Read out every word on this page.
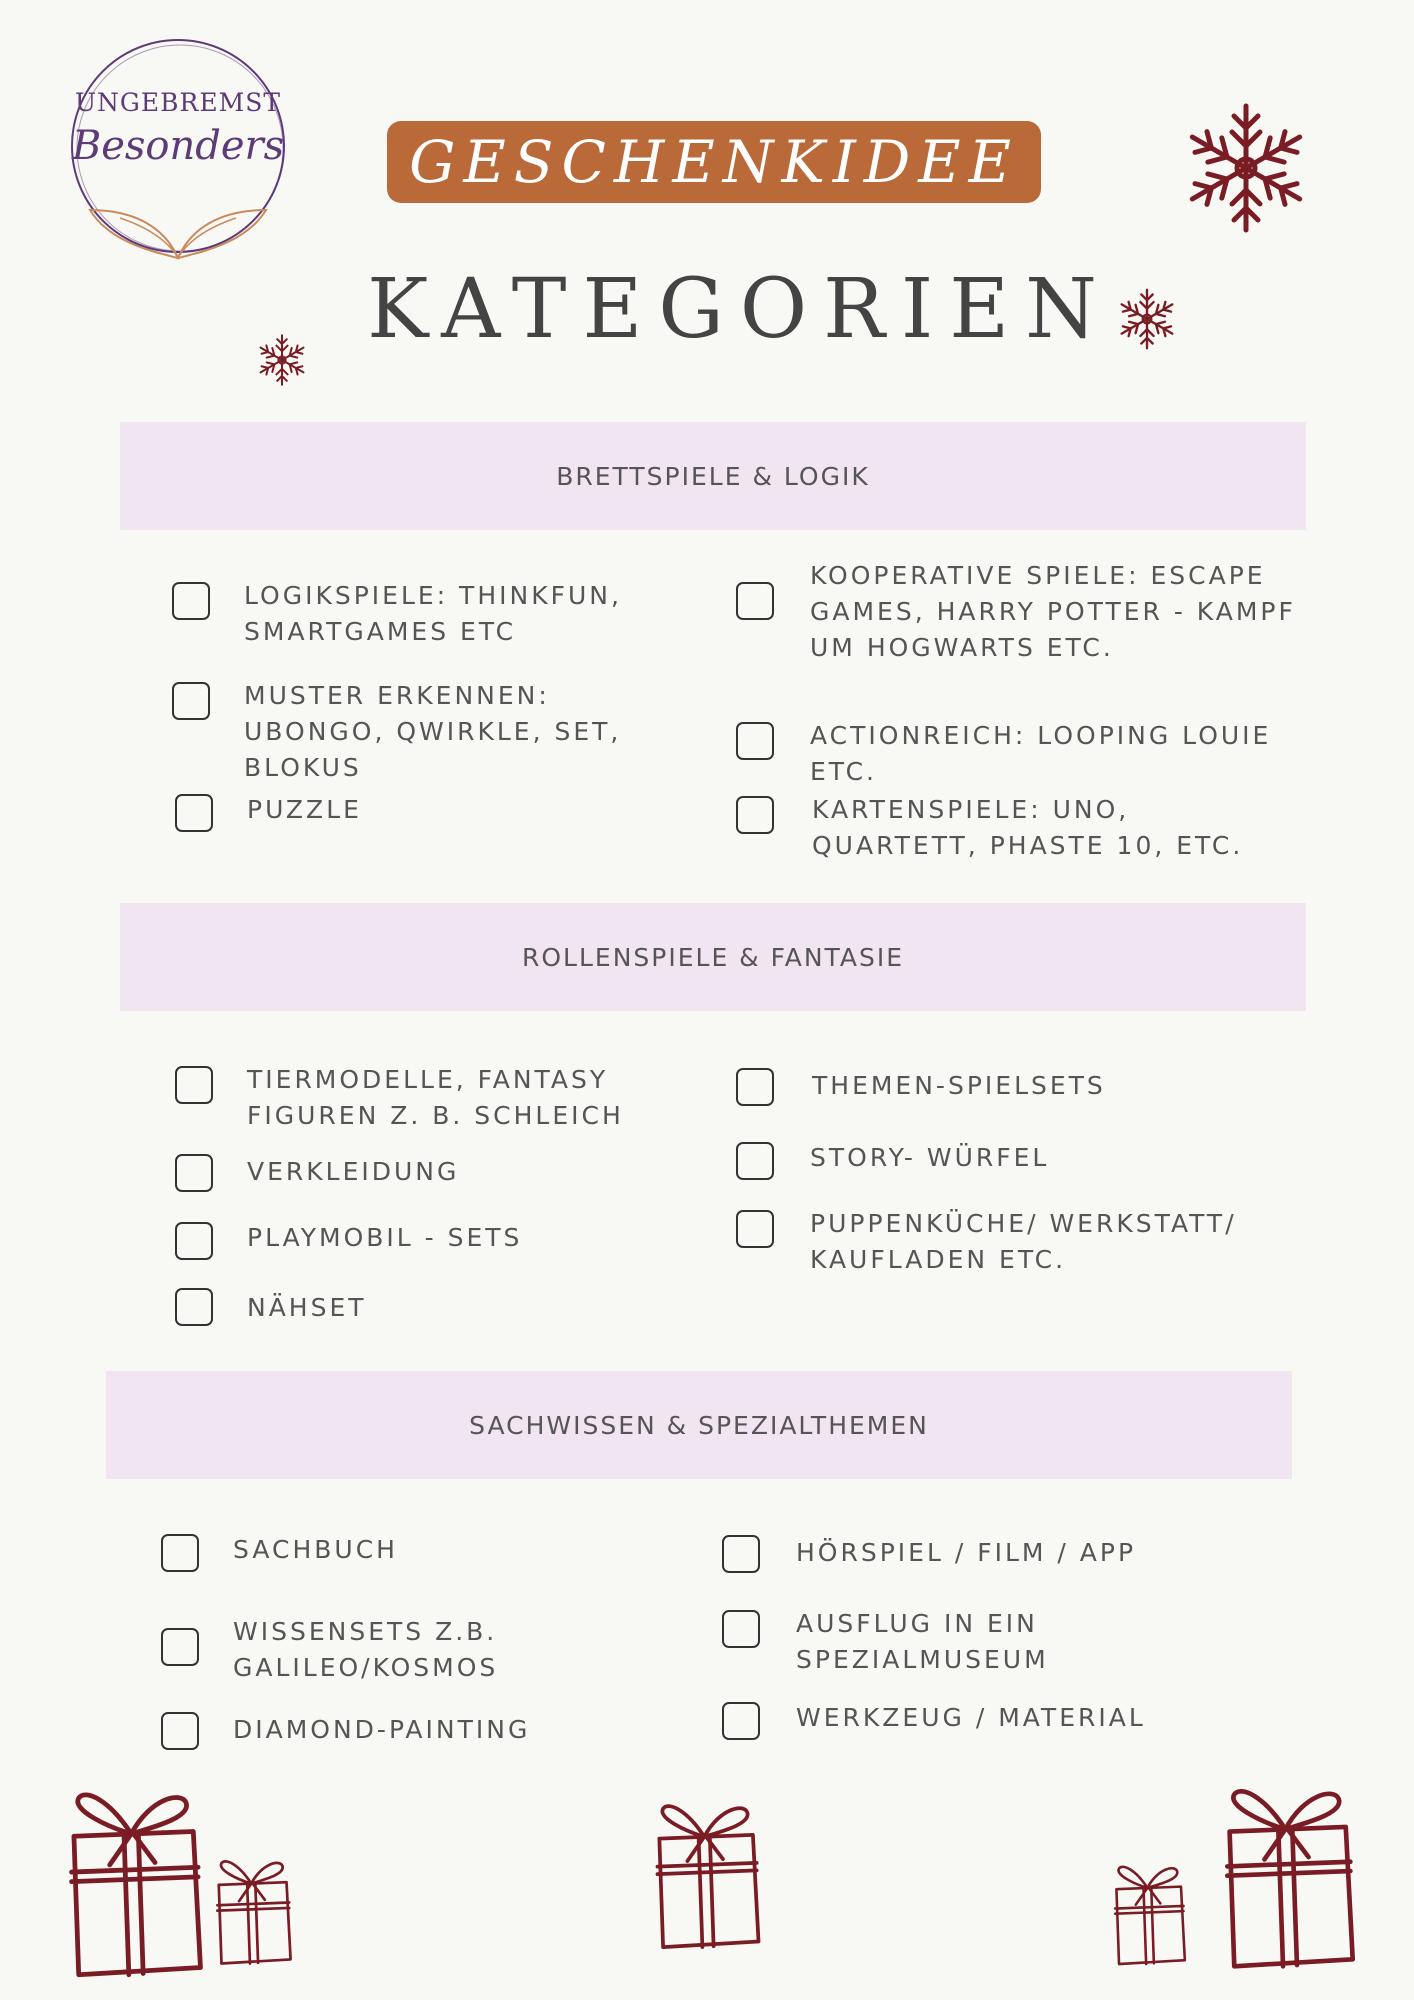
UNGEBREMST
Besonders GESCHENKIDEE
KATEGORIEN
BRETTSPIELE & LOGIK
LOGIKSPIELE: THINKFUN, SMARTGAMES ETC
MUSTER ERKENNEN: UBONGO, QWIRKLE, SET, BLOKUS
PUZZLE
KOOPERATIVE SPIELE: ESCAPE GAMES, HARRY POTTER - KAMPF UM HOGWARTS ETC.
ACTIONREICH: LOOPING LOUIE ETC.
KARTENSPIELE: UNO, QUARTETT, PHASTE 10, ETC.
ROLLENSPIELE & FANTASIE
TIERMODELLE, FANTASY FIGUREN Z. B. SCHLEICH
VERKLEIDUNG
PLAYMOBIL - SETS
NÄHSET
THEMEN-SPIELSETS
STORY- WÜRFEL
PUPPENKÜCHE/ WERKSTATT/ KAUFLADEN ETC.
SACHWISSEN & SPEZIALTHEMEN
SACHBUCH
WISSENSETS Z.B. GALILEO/KOSMOS
DIAMOND-PAINTING
HÖRSPIEL / FILM / APP
AUSFLUG IN EIN SPEZIALMUSEUM
WERKZEUG / MATERIAL
